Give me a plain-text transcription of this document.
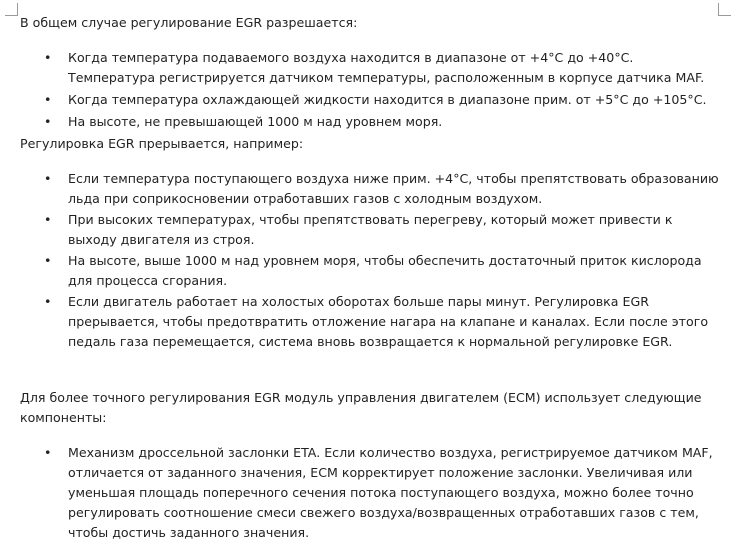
В общем случае регулирование EGR разрешается:

• Когда температура подаваемого воздуха находится в диапазоне от +4°C до +40°C. Температура регистрируется датчиком температуры, расположенным в корпусе датчика MAF.
• Когда температура охлаждающей жидкости находится в диапазоне прим. от +5°C до +105°C.
• На высоте, не превышающей 1000 м над уровнем моря.

Регулировка EGR прерывается, например:

• Если температура поступающего воздуха ниже прим. +4°C, чтобы препятствовать образованию льда при соприкосновении отработавших газов с холодным воздухом.
• При высоких температурах, чтобы препятствовать перегреву, который может привести к выходу двигателя из строя.
• На высоте, выше 1000 м над уровнем моря, чтобы обеспечить достаточный приток кислорода для процесса сгорания.
• Если двигатель работает на холостых оборотах больше пары минут. Регулировка EGR прерывается, чтобы предотвратить отложение нагара на клапане и каналах. Если после этого педаль газа перемещается, система вновь возвращается к нормальной регулировке EGR.

Для более точного регулирования EGR модуль управления двигателем (ECM) использует следующие компоненты:

• Механизм дроссельной заслонки ETA. Если количество воздуха, регистрируемое датчиком MAF, отличается от заданного значения, ECM корректирует положение заслонки. Увеличивая или уменьшая площадь поперечного сечения потока поступающего воздуха, можно более точно регулировать соотношение смеси свежего воздуха/возвращенных отработавших газов с тем, чтобы достичь заданного значения.
